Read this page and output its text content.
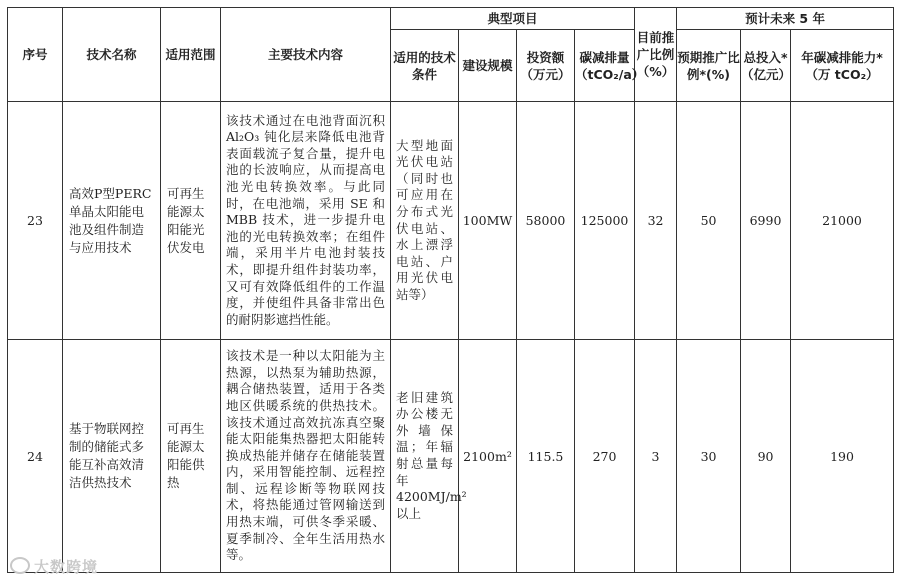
序号	技术名称	适用范围	主要技术内容	典型项目				目前推广比例（%）	预计未来 5 年		
				适用的技术条件	建设规模	投资额（万元）	碳减排量（tCO₂/a）		预期推广比例*(%)	总投入*（亿元）	年碳减排能力*（万 tCO₂）
23	高效P型PERC单晶太阳能电池及组件制造与应用技术	可再生能源太阳能光伏发电	该技术通过在电池背面沉积 Al₂O₃ 钝化层来降低电池背表面载流子复合量，提升电池的长波响应，从而提高电池光电转换效率。与此同时，在电池端，采用 SE 和 MBB 技术，进一步提升电池的光电转换效率；在组件端，采用半片电池封装技术，即提升组件封装功率，又可有效降低组件的工作温度，并使组件具备非常出色的耐阴影遮挡性能。	大型地面光伏电站（同时也可应用在分布式光伏电站、水上漂浮电站、户用光伏电站等）	100MW	58000	125000	32	50	6990	21000
24	基于物联网控制的储能式多能互补高效清洁供热技术	可再生能源太阳能供热	该技术是一种以太阳能为主热源，以热泵为辅助热源，耦合储热装置，适用于各类地区供暖系统的供热技术。该技术通过高效抗冻真空聚能太阳能集热器把太阳能转换成热能并储存在储能装置内，采用智能控制、远程控制、远程诊断等物联网技术，将热能通过管网输送到用热末端，可供冬季采暖、夏季制冷、全年生活用热水等。	老旧建筑办公楼无外墙保温；年辐射总量每年 4200MJ/m²以上	2100m²	115.5	270	3	30	90	190
大数跨境
